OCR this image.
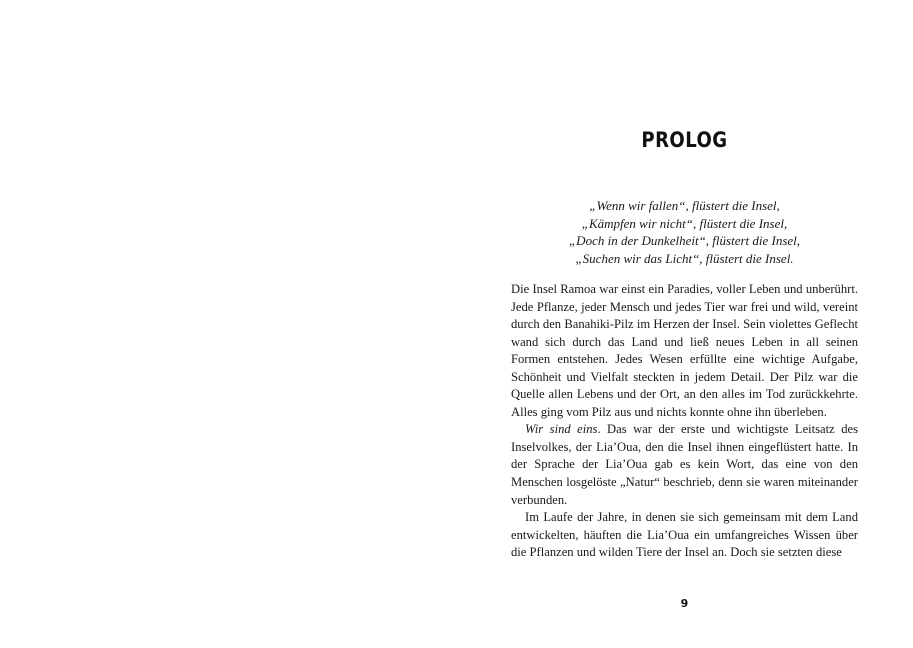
PROLOG
„Wenn wir fallen“, flüstert die Insel,
„Kämpfen wir nicht“, flüstert die Insel,
„Doch in der Dunkelheit“, flüstert die Insel,
„Suchen wir das Licht“, flüstert die Insel.

Die Insel Ramoa war einst ein Paradies, voller Leben und unberührt. Jede Pflanze, jeder Mensch und jedes Tier war frei und wild, vereint durch den Banahiki-Pilz im Herzen der Insel. Sein violettes Geflecht wand sich durch das Land und ließ neues Leben in all seinen Formen entstehen. Jedes Wesen erfüllte eine wichtige Aufgabe, Schönheit und Vielfalt steckten in jedem Detail. Der Pilz war die Quelle allen Lebens und der Ort, an den alles im Tod zurückkehrte. Alles ging vom Pilz aus und nichts konnte ohne ihn überleben.

Wir sind eins. Das war der erste und wichtigste Leitsatz des Inselvolkes, der Lia’Oua, den die Insel ihnen eingeflüstert hatte. In der Sprache der Lia’Oua gab es kein Wort, das eine von den Menschen losgelöste „Natur“ beschrieb, denn sie waren miteinander verbunden.

Im Laufe der Jahre, in denen sie sich gemeinsam mit dem Land entwickelten, häuften die Lia’Oua ein umfangreiches Wissen über die Pflanzen und wilden Tiere der Insel an. Doch sie setzten diese

9
